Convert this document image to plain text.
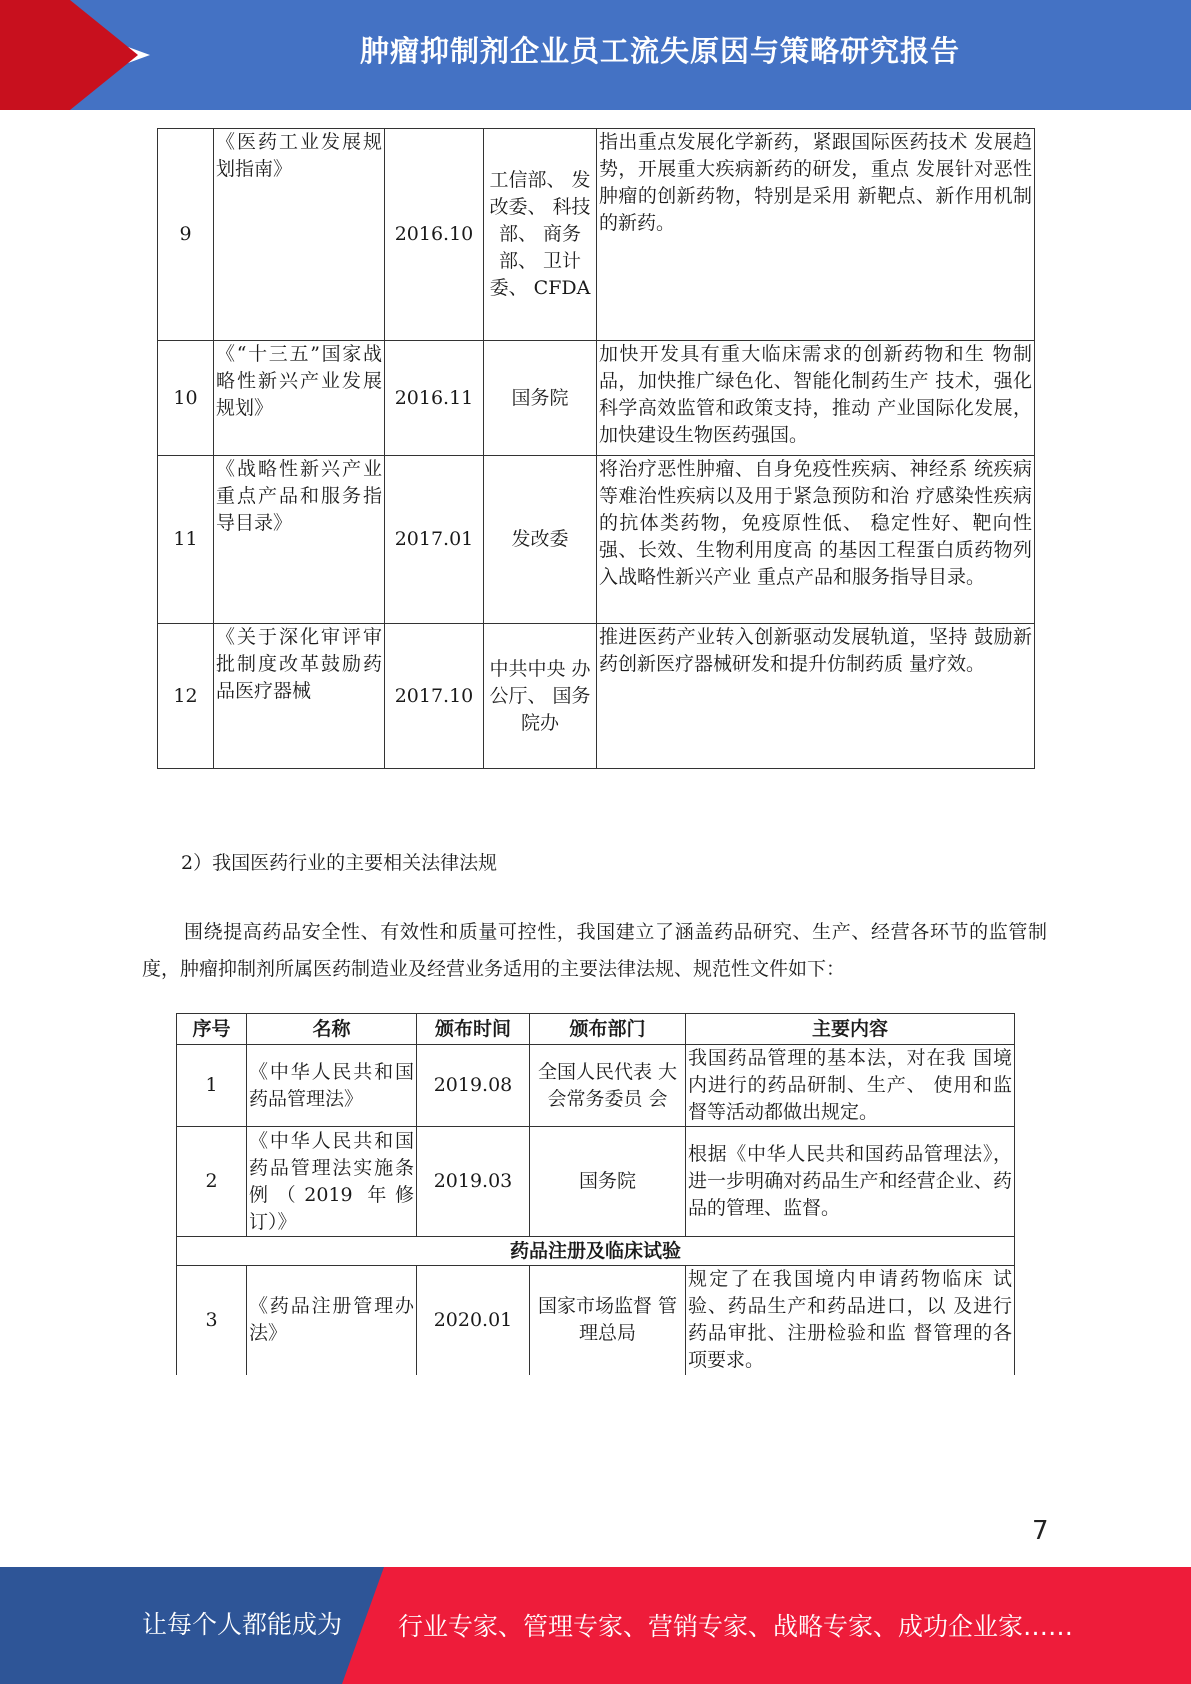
肿瘤抑制剂企业员工流失原因与策略研究报告
9	《医药工业发展规划指南》	2016.10	工信部、 发改委、 科技部、 商务部、 卫计委、 CFDA	指出重点发展化学新药，紧跟国际医药技术 发展趋势，开展重大疾病新药的研发，重点 发展针对恶性肿瘤的创新药物，特别是采用 新靶点、新作用机制的新药。
10	《“十三五”国家战略性新兴产业发展规划》	2016.11	国务院	加快开发具有重大临床需求的创新药物和生 物制品，加快推广绿色化、智能化制药生产 技术，强化科学高效监管和政策支持，推动 产业国际化发展，加快建设生物医药强国。
11	《战略性新兴产业重点产品和服务指导目录》	2017.01	发改委	将治疗恶性肿瘤、自身免疫性疾病、神经系 统疾病等难治性疾病以及用于紧急预防和治 疗感染性疾病的抗体类药物，免疫原性低、 稳定性好、靶向性强、长效、生物利用度高 的基因工程蛋白质药物列入战略性新兴产业 重点产品和服务指导目录。
12	《关于深化审评审批制度改革鼓励药品医疗器械	2017.10	中共中央 办公厅、 国务院办	推进医药产业转入创新驱动发展轨道，坚持 鼓励新药创新医疗器械研发和提升仿制药质 量疗效。
2）我国医药行业的主要相关法律法规
围绕提高药品安全性、有效性和质量可控性，我国建立了涵盖药品研究、生产、经营各环节的监管制度，肿瘤抑制剂所属医药制造业及经营业务适用的主要法律法规、规范性文件如下：
序号	名称	颁布时间	颁布部门	主要内容
1	《中华人民共和国药品管理法》	2019.08	全国人民代表 大会常务委员 会	我国药品管理的基本法，对在我 国境内进行的药品研制、生产、 使用和监督等活动都做出规定。
2	《中华人民共和国药品管理法实施条例（2019 年修订）》	2019.03	国务院	根据《中华人民共和国药品管理法》，进一步明确对药品生产和经营企业、药品的管理、监督。
药品注册及临床试验				
3	《药品注册管理办法》	2020.01	国家市场监督 管理总局	规定了在我国境内申请药物临床 试验、药品生产和药品进口，以 及进行药品审批、注册检验和监 督管理的各项要求。
7
让每个人都能成为 行业专家、管理专家、营销专家、战略专家、成功企业家……
